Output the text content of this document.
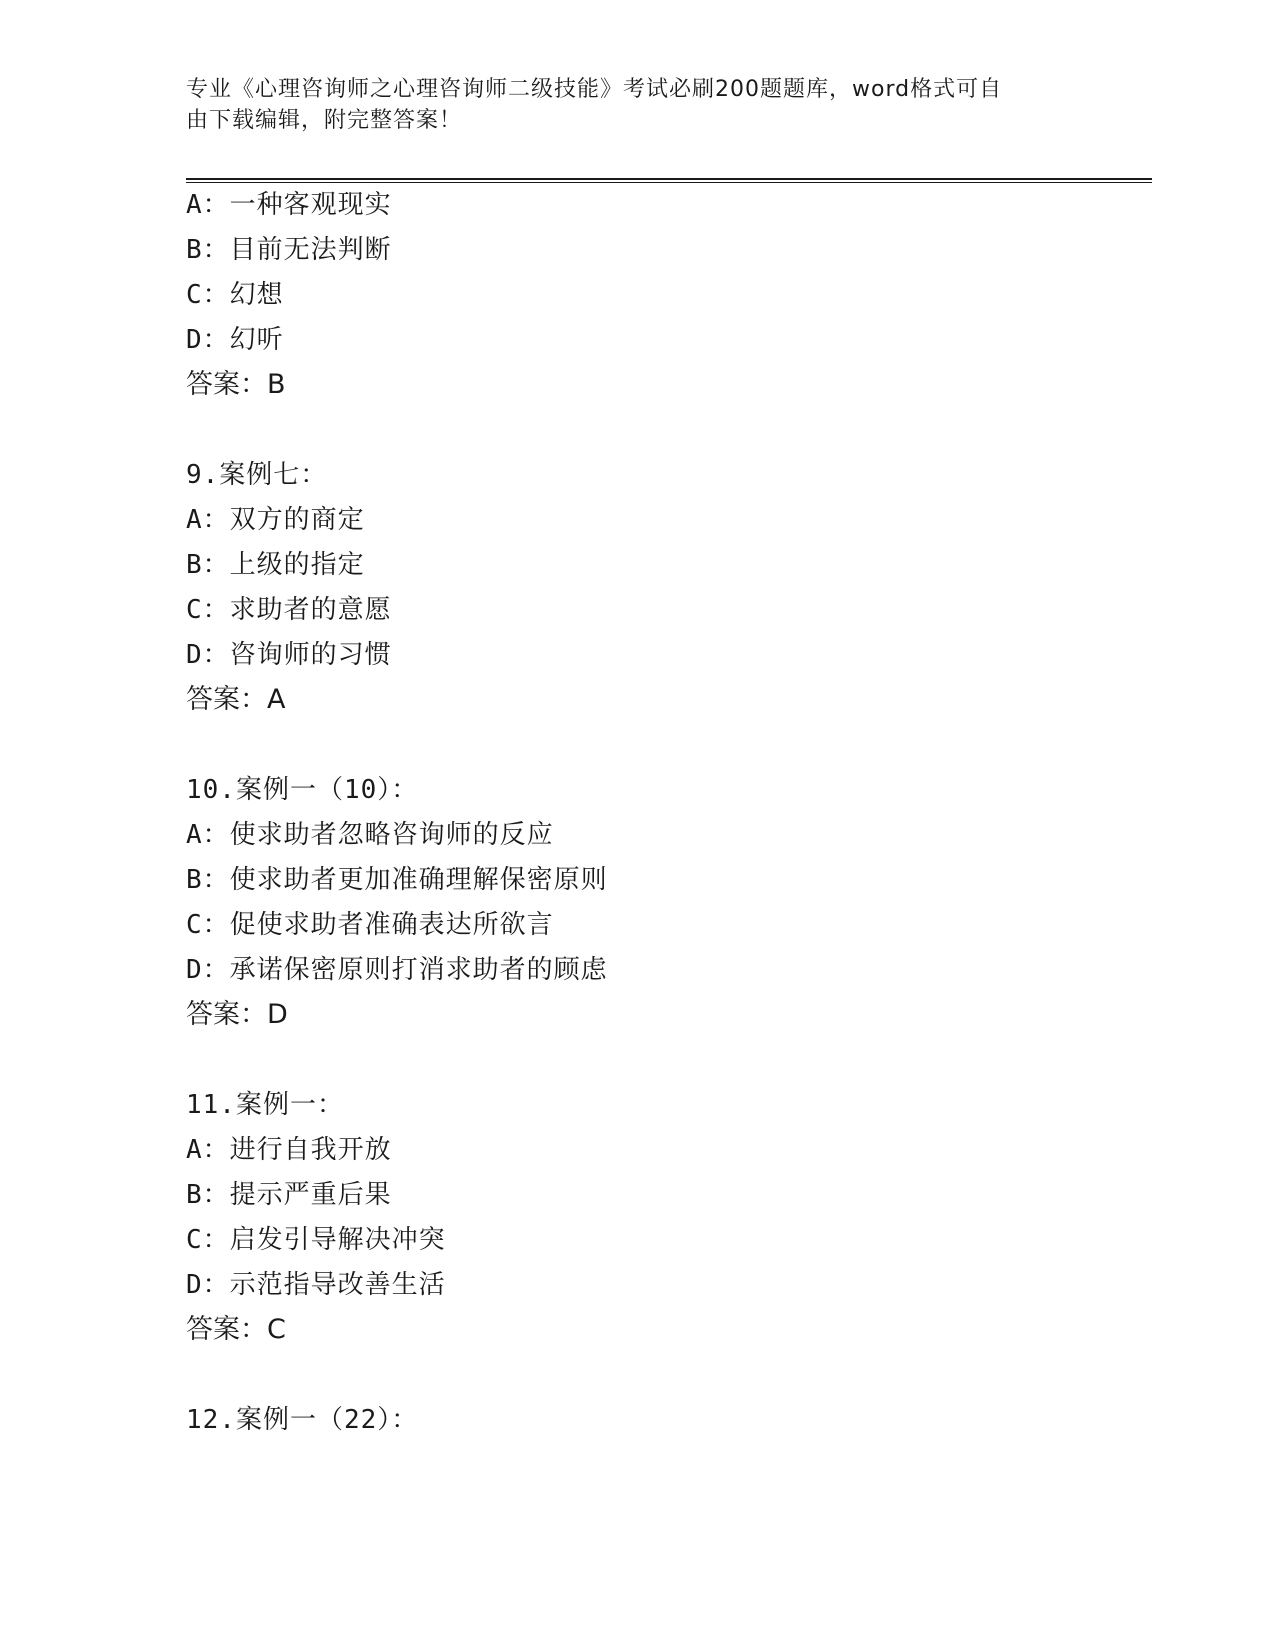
专业《心理咨询师之心理咨询师二级技能》考试必刷200题题库，word格式可自
由下载编辑，附完整答案！
A：一种客观现实
B：目前无法判断
C：幻想
D：幻听
答案：B
9.案例七：
A：双方的商定
B：上级的指定
C：求助者的意愿
D：咨询师的习惯
答案：A
10.案例一（10）：
A：使求助者忽略咨询师的反应
B：使求助者更加准确理解保密原则
C：促使求助者准确表达所欲言
D：承诺保密原则打消求助者的顾虑
答案：D
11.案例一：
A：进行自我开放
B：提示严重后果
C：启发引导解决冲突
D：示范指导改善生活
答案：C
12.案例一（22）：
